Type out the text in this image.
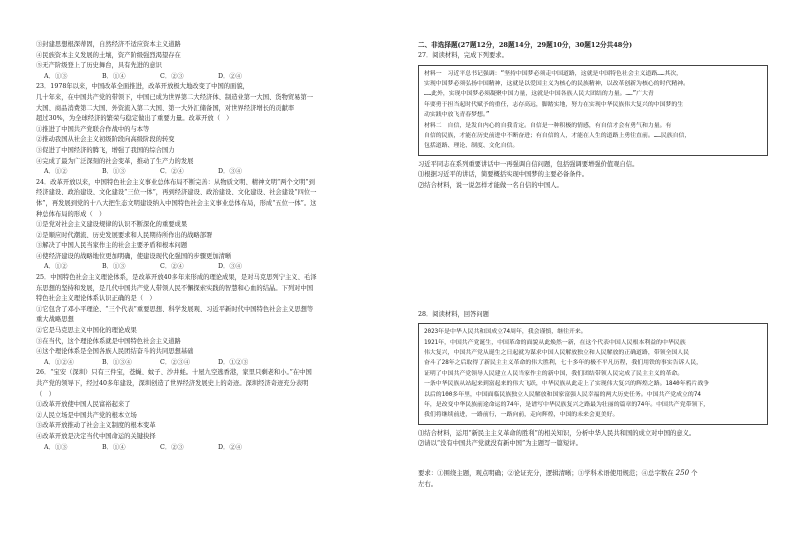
③封建思想根深蒂固，自然经济不适应资本主义道路
④民族资本主义发展的土壤，资产阶级强烈渴望存在
⑤无产阶级登上了历史舞台，具有先进的意识
A．①③	B．①④	C．②③	D．②④
23．1978年以来，中国改革全面推进，改革开放极大地改变了中国的面貌，
几十年来，在中国共产党的带领下，中国已成为世界第二大经济体、制造业第一大国、货物贸易第一
大国、商品消费第二大国、外资流入第二大国、第一大外汇储备国，对世界经济增长的贡献率
超过30%，为全球经济的繁荣与稳定做出了重要力量。改革开放（　）
①推进了中国共产党联合作战中的与本等
②推动我国从社会主义初级阶段向高级阶段的转变
③促进了中国经济的腾飞，增强了我国的综合国力
④完成了最为广泛深刻的社会变革，推动了生产力的发展
A．①②	B．①③	C．②④	D．③④
24．改革开放以来，中国特色社会主义事业总体布局不断完善：从物质文明、精神文明“两个文明”到
经济建设、政治建设、文化建设“三位一体”，再到经济建设、政治建设、文化建设、社会建设“四位一
体”，再发展到党的十八大把生态文明建设纳入中国特色社会主义事业总体布局，形成“五位一体”。这
种总体布局的形成（　）
①是党对社会主义建设规律的认识不断深化的重要成果
②是顺应时代潮流、历史发展要求和人民期待所作出的战略部署
③解决了中国人民当家作主的社会主要矛盾和根本问题
④使经济建设的战略地位更加明确，使建设现代化强国的步骤更加清晰
A．①②	B．①③	C．②④	D．③④
25．中国特色社会主义理论体系，是改革开放40多年来形成的理论成果，是对马克思列宁主义、毛泽
东思想的坚持和发展，是几代中国共产党人带领人民不懈探索实践的智慧和心血的结晶。下列对中国
特色社会主义理论体系认识正确的是（　）
①它包含了邓小平理论、“三个代表”重要思想、科学发展观、习近平新时代中国特色社会主义思想等
重大战略思想
②它是马克思主义中国化的理论成果
③在当代，这个理论体系就是中国特色社会主义道路
④这个理论体系是全国各族人民团结奋斗的共同思想基础
A．①②④	B．①③④	C．②③④	D．①②③
26．“宝安（深圳）只有三件宝，苍蝇、蚊子、沙井蚝。十屋九空逃香港，家里只剩老和小。”在中国
共产党的领导下，经过40多年建设，深圳创造了世界经济发展史上的奇迹。深圳经济奇迹充分表明
（　）
①改革开放使中国人民富裕起来了
②人民立场是中国共产党的根本立场
③改革开放推动了社会主义制度的根本变革
④改革开放是决定当代中国命运的关键抉择
A．①③	B．①④	C．②③	D．②④
二、非选择题(27题12分，28题14分，29题10分，30题12分共48分)
27．阅读材料，完成下列要求。
材料一　习近平总书记强调：“坚持中国梦必须走中国道路，这就是中国特色社会主义道路……其次，
实现中国梦必须弘扬中国精神，这就是以爱国主义为核心的民族精神，以改革创新为核心的时代精神。
……此外，实现中国梦必须凝聚中国力量，这就是中国各族人民大团结的力量。……”广大青
年要勇于担当起时代赋予的重任，志存高远，脚踏实地，努力在实现中华民族伟大复兴的中国梦的生
动实践中放飞青春梦想。”
材料二　自信，是发自内心的自我肯定。自信是一种积极的情感，有自信才会有勇气和力量。有
自信的民族，才能在历史前进中不断奋进；有自信的人，才能在人生的道路上勇往直前。……民族自信，
包括道路、理论、制度、文化自信。
习近平同志在系列重要讲话中一再强调自信问题，包括强调要增强价值观自信。
⑴根据习近平的讲话，简要概括实现中国梦的主要必备条件。
⑵结合材料，说一说怎样才能做一名自信的中国人。
28．阅读材料，回答问题
2023年是中华人民共和国成立74周年，我会谨慎，继往开来。
1921年，中国共产党诞生，中国革命的面貌从此焕然一新，在这个代表中国人民根本利益的中华民族
伟大复兴，中国共产党从诞生之日起就为谋求中国人民解放独立和人民解放的正确道路，带领全国人民
奋斗了28年之后取得了新民主主义革命的伟大胜利，七十多年的极不平凡历程，我们用铁的事实告诉人民，
证明了中国共产党领导人民建立人民当家作主的新中国，我们团结带领人民完成了民主主义的革命。
一条中华民族从站起来到富起来的伟大飞跃，中华民族从此走上了实现伟大复兴的辉煌之路。1840年鸦片战争
以后的100多年里，中国面临民族独立人民解放和国家富强人民幸福的两大历史任务。中国共产党成立的74
年，是改变中华民族前途命运的74年，是谱写中华民族复兴之路最为壮丽的篇章的74年。中国共产党带领下，
我们将继续前进，一路前行，一路向前，走向辉煌，中国的未来会更美好。
⑴结合材料，运用“新民主主义革命的胜利”的相关知识，分析中华人民共和国的成立对中国的意义。
⑵请以“没有中国共产党就没有新中国”为主题写一篇短评。
要求：①围绕主题，观点明确；②论证充分，逻辑清晰；③学科术语使用规范；④总字数在 250 个
左右。
